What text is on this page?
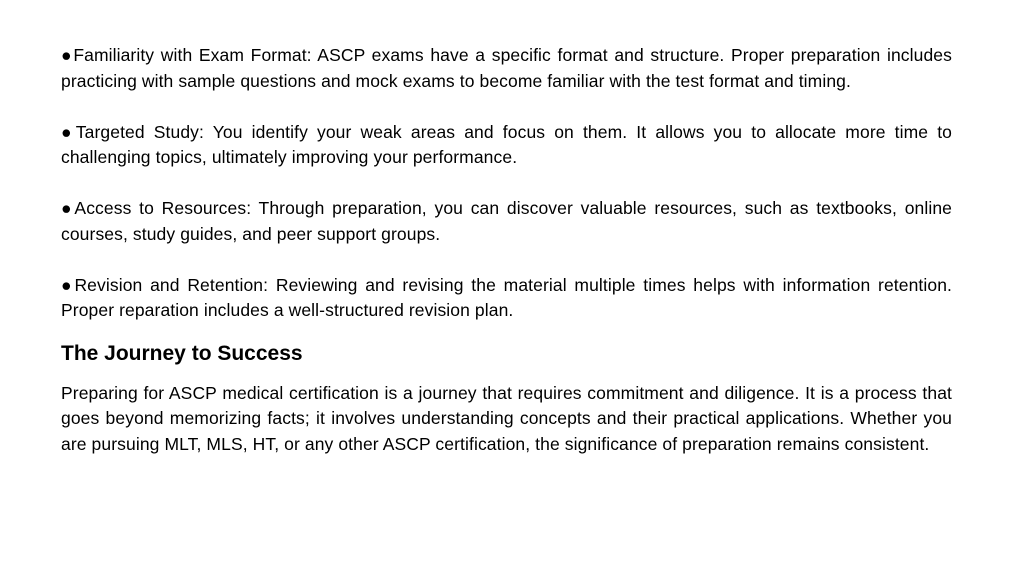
●Familiarity with Exam Format: ASCP exams have a specific format and structure. Proper preparation includes practicing with sample questions and mock exams to become familiar with the test format and timing.

●Targeted Study: You identify your weak areas and focus on them. It allows you to allocate more time to challenging topics, ultimately improving your performance.

●Access to Resources: Through preparation, you can discover valuable resources, such as textbooks, online courses, study guides, and peer support groups.

●Revision and Retention: Reviewing and revising the material multiple times helps with information retention. Proper reparation includes a well-structured revision plan.

The Journey to Success

Preparing for ASCP medical certification is a journey that requires commitment and diligence. It is a process that goes beyond memorizing facts; it involves understanding concepts and their practical applications. Whether you are pursuing MLT, MLS, HT, or any other ASCP certification, the significance of preparation remains consistent.
